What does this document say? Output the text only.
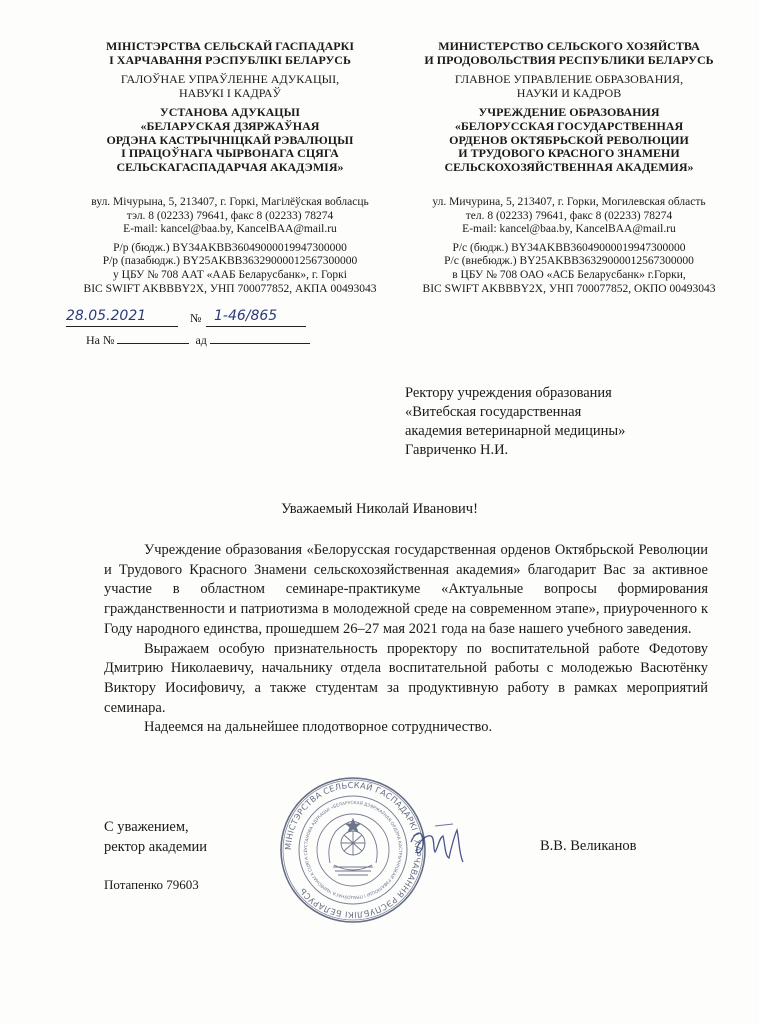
МІНІСТЭРСТВА СЕЛЬСКАЙ ГАСПАДАРКІ
І ХАРЧАВАННЯ РЭСПУБЛІКІ БЕЛАРУСЬ
ГАЛОЎНАЕ УПРАЎЛЕННЕ АДУКАЦЫІ,
НАВУКІ І КАДРАЎ
УСТАНОВА АДУКАЦЫІ
«БЕЛАРУСКАЯ ДЗЯРЖАЎНАЯ
ОРДЭНА КАСТРЫЧНІЦКАЙ РЭВАЛЮЦЫІ
І ПРАЦОЎНАГА ЧЫРВОНАГА СЦЯГА
СЕЛЬСКАГАСПАДАРЧАЯ АКАДЭМІЯ»
вул. Мічурына, 5, 213407, г. Горкі, Магілёўская вобласць
тэл. 8 (02233) 79641, факс 8 (02233) 78274
E-mail: kancel@baa.by, KancelBAA@mail.ru
Р/р (бюдж.) BY34AKBB36049000019947300000
Р/р (пазабюдж.) BY25AKBB36329000012567300000
у ЦБУ № 708 ААТ «ААБ Беларусбанк», г. Горкі
BIC SWIFT AKBBBY2X, УНП 700077852, АКПА 00493043
МИНИСТЕРСТВО СЕЛЬСКОГО ХОЗЯЙСТВА
И ПРОДОВОЛЬСТВИЯ РЕСПУБЛИКИ БЕЛАРУСЬ
ГЛАВНОЕ УПРАВЛЕНИЕ ОБРАЗОВАНИЯ,
НАУКИ И КАДРОВ
УЧРЕЖДЕНИЕ ОБРАЗОВАНИЯ
«БЕЛОРУССКАЯ ГОСУДАРСТВЕННАЯ
ОРДЕНОВ ОКТЯБРЬСКОЙ РЕВОЛЮЦИИ
И ТРУДОВОГО КРАСНОГО ЗНАМЕНИ
СЕЛЬСКОХОЗЯЙСТВЕННАЯ АКАДЕМИЯ»
ул. Мичурина, 5, 213407, г. Горки, Могилевская область
тел. 8 (02233) 79641, факс 8 (02233) 78274
E-mail: kancel@baa.by, KancelBAA@mail.ru
Р/с (бюдж.) BY34AKBB36049000019947300000
Р/с (внебюдж.) BY25AKBB36329000012567300000
в ЦБУ № 708 ОАО «АСБ Беларусбанк» г.Горки,
BIC SWIFT AKBBBY2X, УНП 700077852, ОКПО 00493043
28.05.2021	№ 1-46/865
На №	ад
Ректору учреждения образования
«Витебская государственная
академия ветеринарной медицины»
Гавриченко Н.И.
Уважаемый Николай Иванович!

Учреждение образования «Белорусская государственная орденов Октябрьской Революции и Трудового Красного Знамени сельскохозяйственная академия» благодарит Вас за активное участие в областном семинаре-практикуме «Актуальные вопросы формирования гражданственности и патриотизма в молодежной среде на современном этапе», приуроченного к Году народного единства, прошедшем 26–27 мая 2021 года на базе нашего учебного заведения.

Выражаем особую признательность проректору по воспитательной работе Федотову Дмитрию Николаевичу, начальнику отдела воспитательной работы с молодежью Васютёнку Виктору Иосифовичу, а также студентам за продуктивную работу в рамках мероприятий семинара.

Надеемся на дальнейшее плодотворное сотрудничество.

МІНІСТЭРСТВА СЕЛЬСКАЙ ГАСПАДАРКІ І ХАРЧАВАННЯ РЭСПУБЛІКІ БЕЛАРУСЬ
УСТАНОВА АДУКАЦЫІ «БЕЛАРУСКАЯ ДЗЯРЖАЎНАЯ ОРДЭНА КАСТРЫЧНІЦКАЙ РЭВАЛЮЦЫІ І ПРАЦОЎНАГА ЧЫРВОНАГА СЦЯГА СЕ
С уважением,
ректор академии	В.В. Великанов
Потапенко 79603
